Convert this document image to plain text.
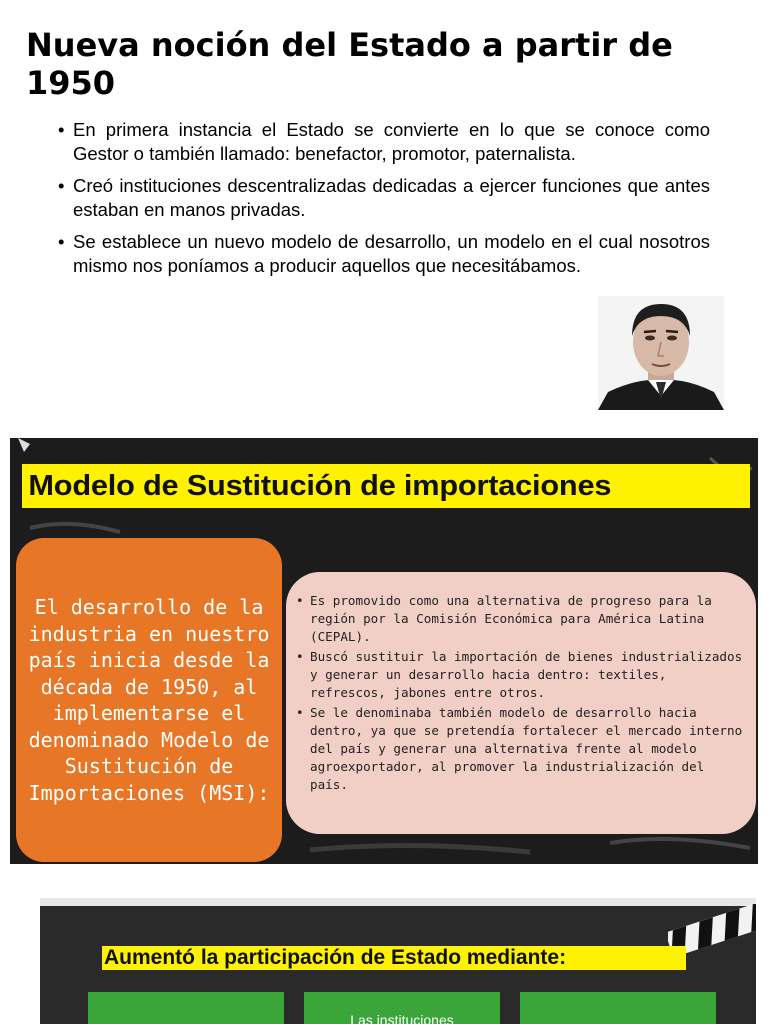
Nueva noción del Estado a partir de 1950
• En primera instancia el Estado se convierte en lo que se conoce como Gestor o también llamado: benefactor, promotor, paternalista.
• Creó instituciones descentralizadas dedicadas a ejercer funciones que antes estaban en manos privadas.
• Se establece un nuevo modelo de desarrollo, un modelo en el cual nosotros mismo nos poníamos a producir aquellos que necesitábamos.
Modelo de Sustitución de importaciones

El desarrollo de la industria en nuestro país inicia desde la década de 1950, al implementarse el denominado Modelo de Sustitución de Importaciones (MSI):

• Es promovido como una alternativa de progreso para la región por la Comisión Económica para América Latina (CEPAL).
• Buscó sustituir la importación de bienes industrializados y generar un desarrollo hacia dentro: textiles, refrescos, jabones entre otros.
• Se le denominaba también modelo de desarrollo hacia dentro, ya que se pretendía fortalecer el mercado interno del país y generar una alternativa frente al modelo agroexportador, al promover la industrialización del país.
Aumentó la participación de Estado mediante:
Las instituciones
